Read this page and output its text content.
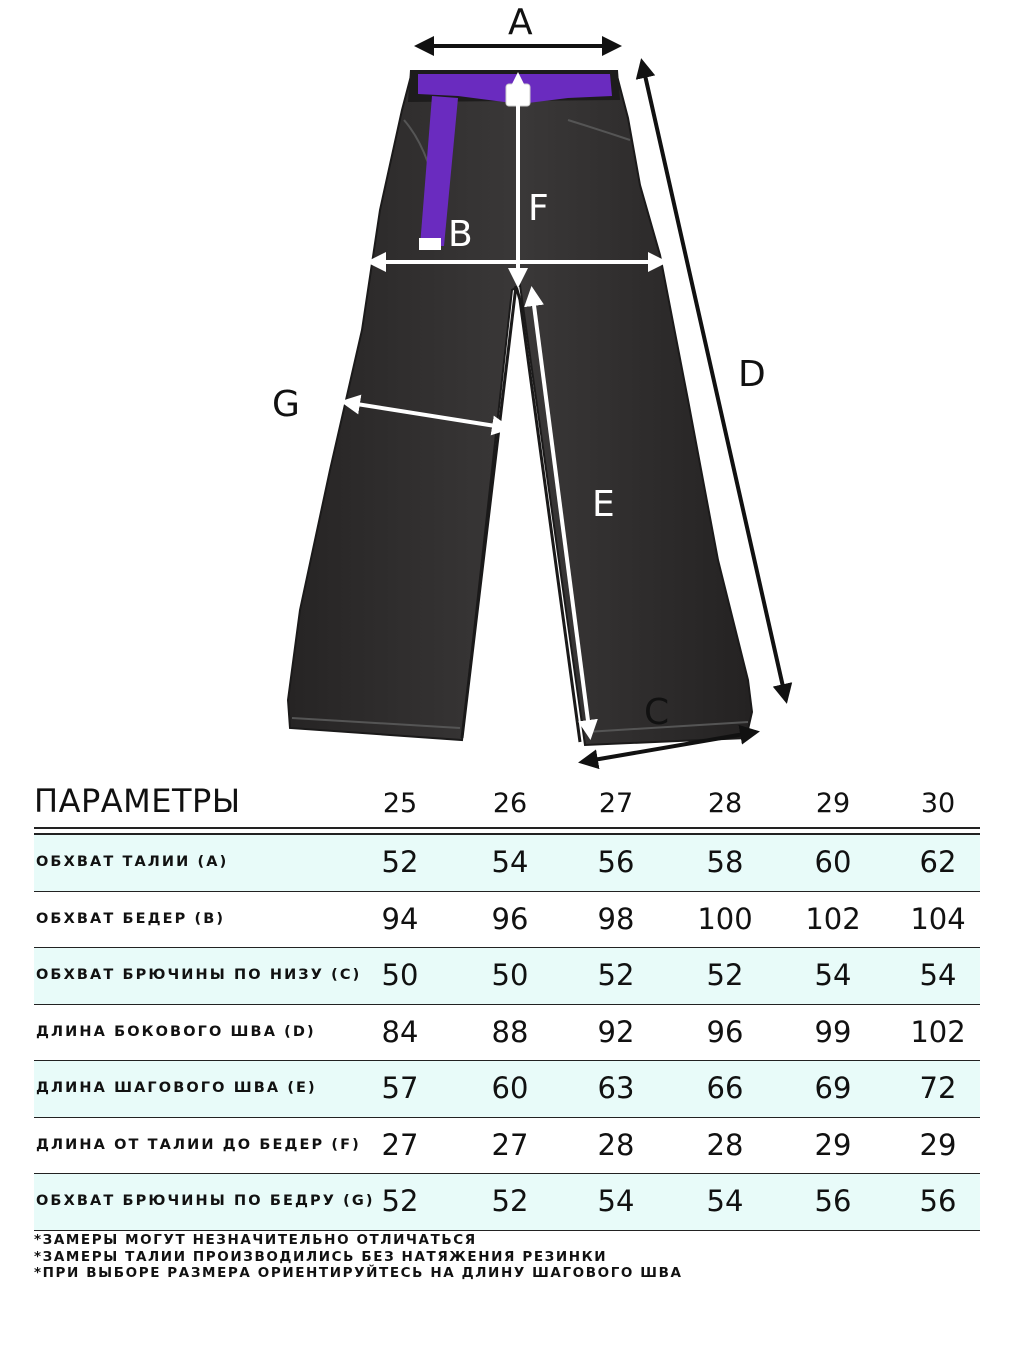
A
B
F
D
E
G
C
ПАРАМЕТРЫ	25	26	27	28	29	30
ОБХВАТ ТАЛИИ (А)	52	54	56	58	60	62
ОБХВАТ БЕДЕР (В)	94	96	98	100	102	104
ОБХВАТ БРЮЧИНЫ ПО НИЗУ (С) 50	50	52	52	54	54
ДЛИНА БОКОВОГО ШВА (D)	84	88	92	96	99	102
ДЛИНА ШАГОВОГО ШВА (Е)	57	60	63	66	69	72
ДЛИНА ОТ ТАЛИИ ДО БЕДЕР (F) 27	27	28	28	29	29
ОБХВАТ БРЮЧИНЫ ПО БЕДРУ (G) 52	52	54	54	56	56
*ЗАМЕРЫ МОГУТ НЕЗНАЧИТЕЛЬНО ОТЛИЧАТЬСЯ
*ЗАМЕРЫ ТАЛИИ ПРОИЗВОДИЛИСЬ БЕЗ НАТЯЖЕНИЯ РЕЗИНКИ
*ПРИ ВЫБОРЕ РАЗМЕРА ОРИЕНТИРУЙТЕСЬ НА ДЛИНУ ШАГОВОГО ШВА
